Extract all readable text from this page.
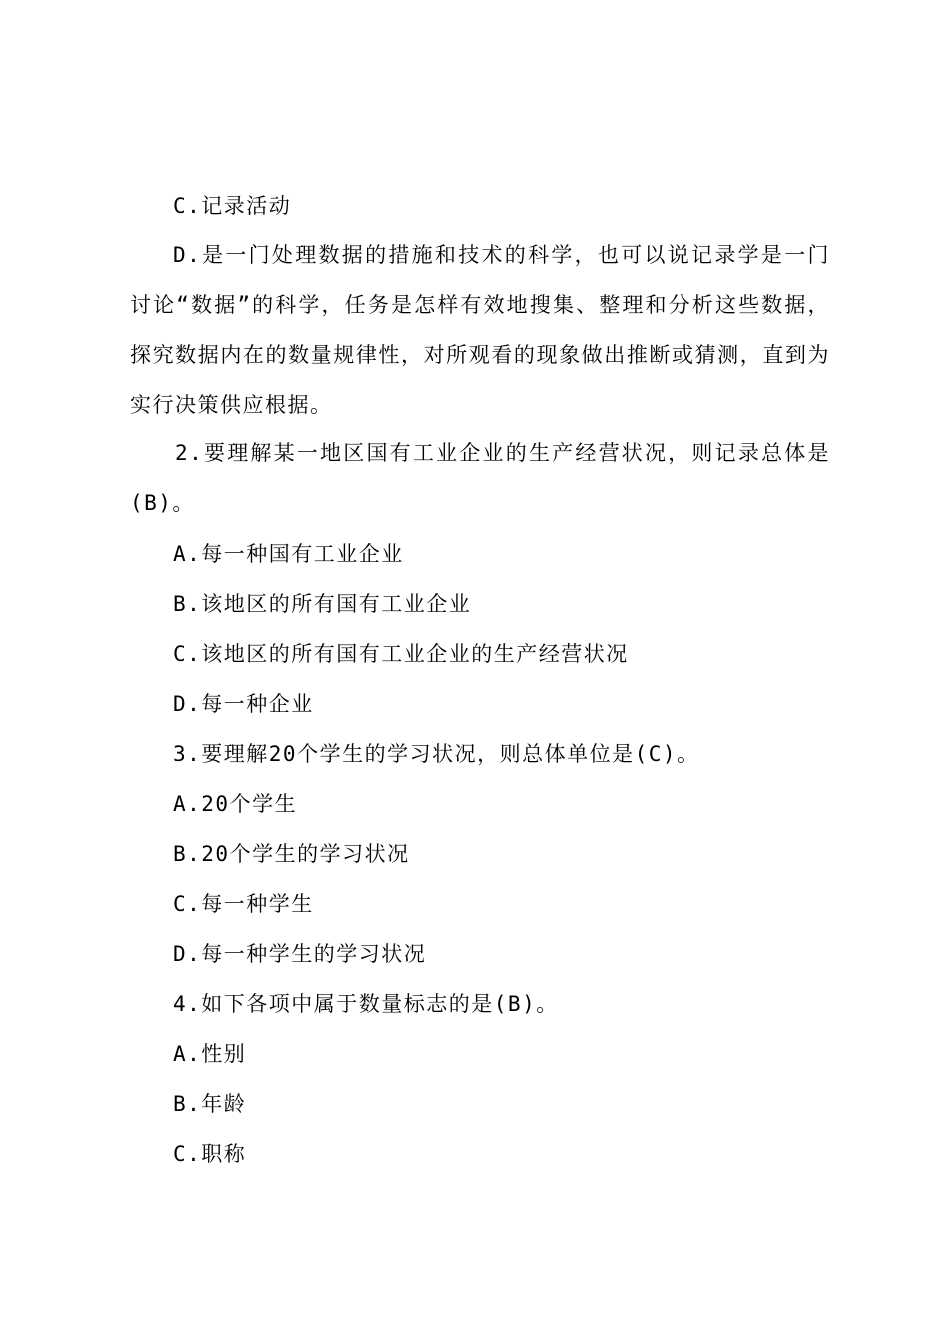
C.记录活动
D.是一门处理数据的措施和技术的科学，也可以说记录学是一门讨论“数据”的科学，任务是怎样有效地搜集、整理和分析这些数据，探究数据内在的数量规律性，对所观看的现象做出推断或猜测，直到为实行决策供应根据。
2.要理解某一地区国有工业企业的生产经营状况，则记录总体是(B)。
A.每一种国有工业企业
B.该地区的所有国有工业企业
C.该地区的所有国有工业企业的生产经营状况
D.每一种企业
3.要理解20个学生的学习状况，则总体单位是(C)。
A.20个学生
B.20个学生的学习状况
C.每一种学生
D.每一种学生的学习状况
4.如下各项中属于数量标志的是(B)。
A.性别
B.年龄
C.职称
